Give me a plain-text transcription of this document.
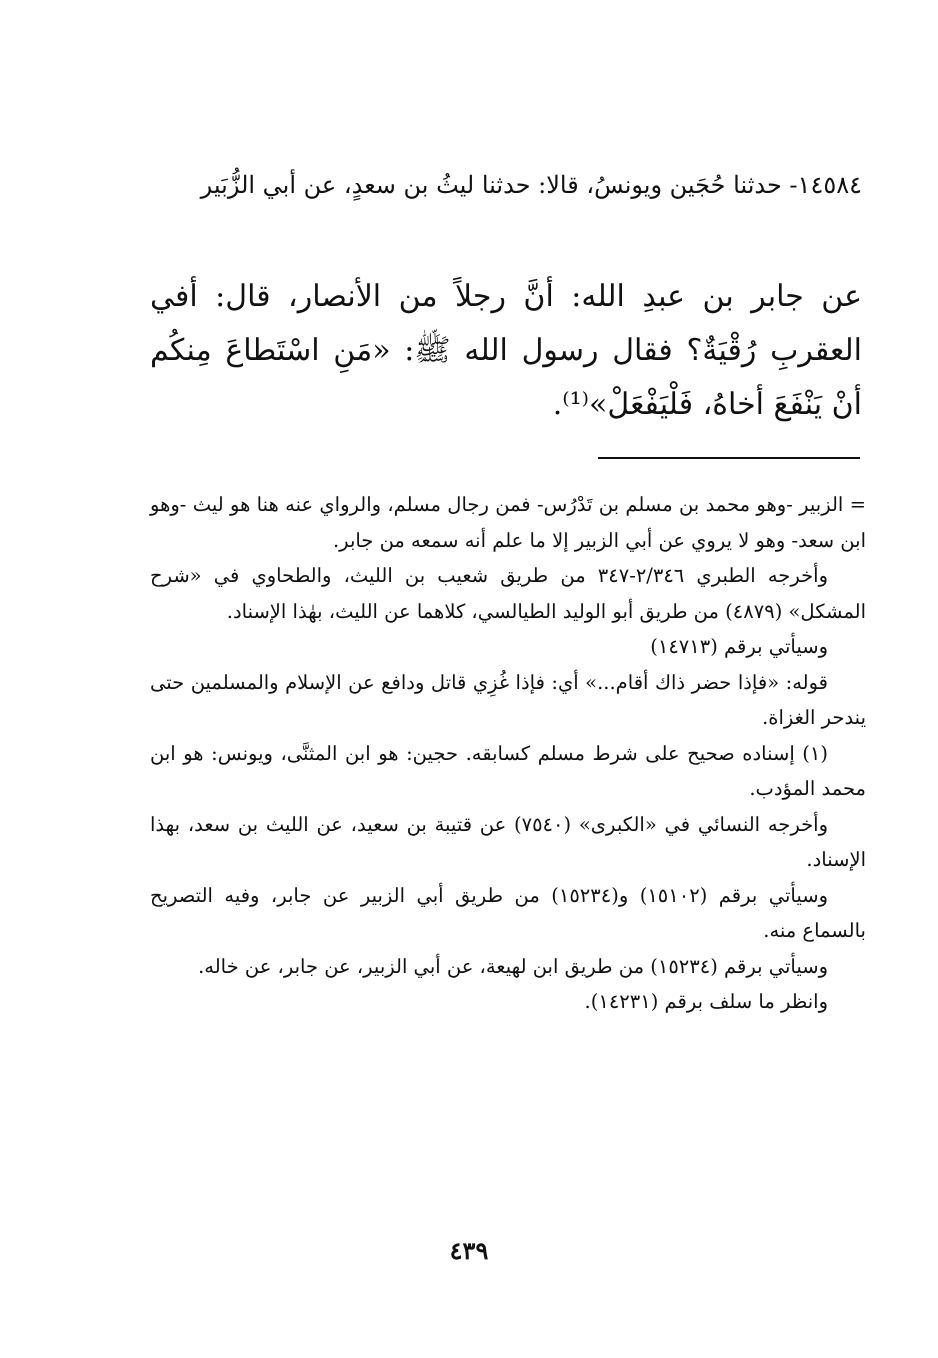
١٤٥٨٤- حدثنا حُجَين ويونسُ، قالا: حدثنا ليثُ بن سعدٍ، عن أبي الزُّبَير

عن جابر بن عبدِ الله: أنَّ رجلاً من الأنصار، قال: أفي العقربِ رُقْيَةٌ؟ فقال رسول الله ﷺ: «مَنِ اسْتَطاعَ مِنكُم أنْ يَنْفَعَ أخاهُ، فَلْيَفْعَلْ»⁽¹⁾.

= الزبير -وهو محمد بن مسلم بن تَدْرُس- فمن رجال مسلم، والرواي عنه هنا هو ليث -وهو ابن سعد- وهو لا يروي عن أبي الزبير إلا ما علم أنه سمعه من جابر.

وأخرجه الطبري ٢/٣٤٦-٣٤٧ من طريق شعيب بن الليث، والطحاوي في «شرح المشكل» (٤٨٧٩) من طريق أبو الوليد الطيالسي، كلاهما عن الليث، بهٰذا الإسناد.

وسيأتي برقم (١٤٧١٣)

قوله: «فإذا حضر ذاك أقام...» أي: فإذا غُزِي قاتل ودافع عن الإسلام والمسلمين حتى يندحر الغزاة.

(١) إسناده صحيح على شرط مسلم كسابقه. حجين: هو ابن المثنَّى، ويونس: هو ابن محمد المؤدب.

وأخرجه النسائي في «الكبرى» (٧٥٤٠) عن قتيبة بن سعيد، عن الليث بن سعد، بهذا الإسناد.

وسيأتي برقم (١٥١٠٢) و(١٥٢٣٤) من طريق أبي الزبير عن جابر، وفيه التصريح بالسماع منه.

وسيأتي برقم (١٥٢٣٤) من طريق ابن لهيعة، عن أبي الزبير، عن جابر، عن خاله.

وانظر ما سلف برقم (١٤٢٣١).

٤٣٩
